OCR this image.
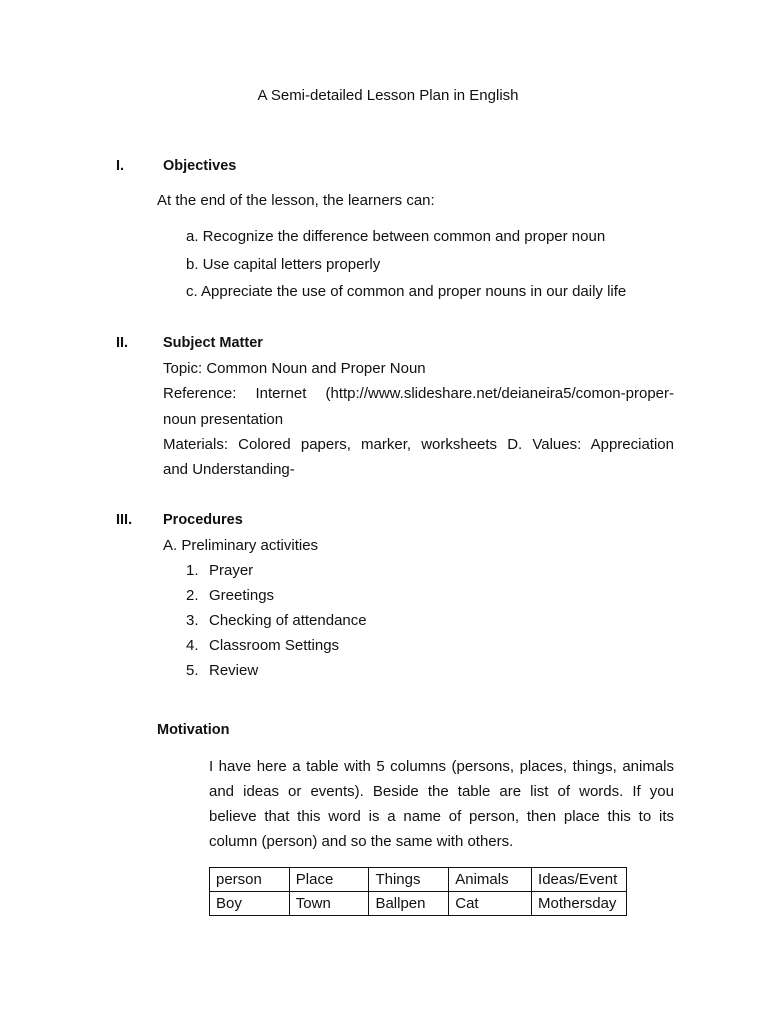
A Semi-detailed Lesson Plan in English
I.	Objectives
At the end of the lesson, the learners can:
a. Recognize the difference between common and proper noun
b. Use capital letters properly
c. Appreciate the use of common and proper nouns in our daily life
II. Subject Matter
Topic: Common Noun and Proper Noun
Reference: Internet (http://www.slideshare.net/deianeira5/comon-proper-
noun presentation
Materials: Colored papers, marker, worksheets D. Values: Appreciation
and Understanding-
III. Procedures
A. Preliminary activities
1. Prayer
2. Greetings
3. Checking of attendance
4. Classroom Settings
5. Review
Motivation
I have here a table with 5 columns (persons, places, things, animals
and ideas or events). Beside the table are list of words. If you
believe that this word is a name of person, then place this to its
column (person) and so the same with others.
person	Place	Things	Animals	Ideas/Event
Boy	Town	Ballpen	Cat	Mothersday
